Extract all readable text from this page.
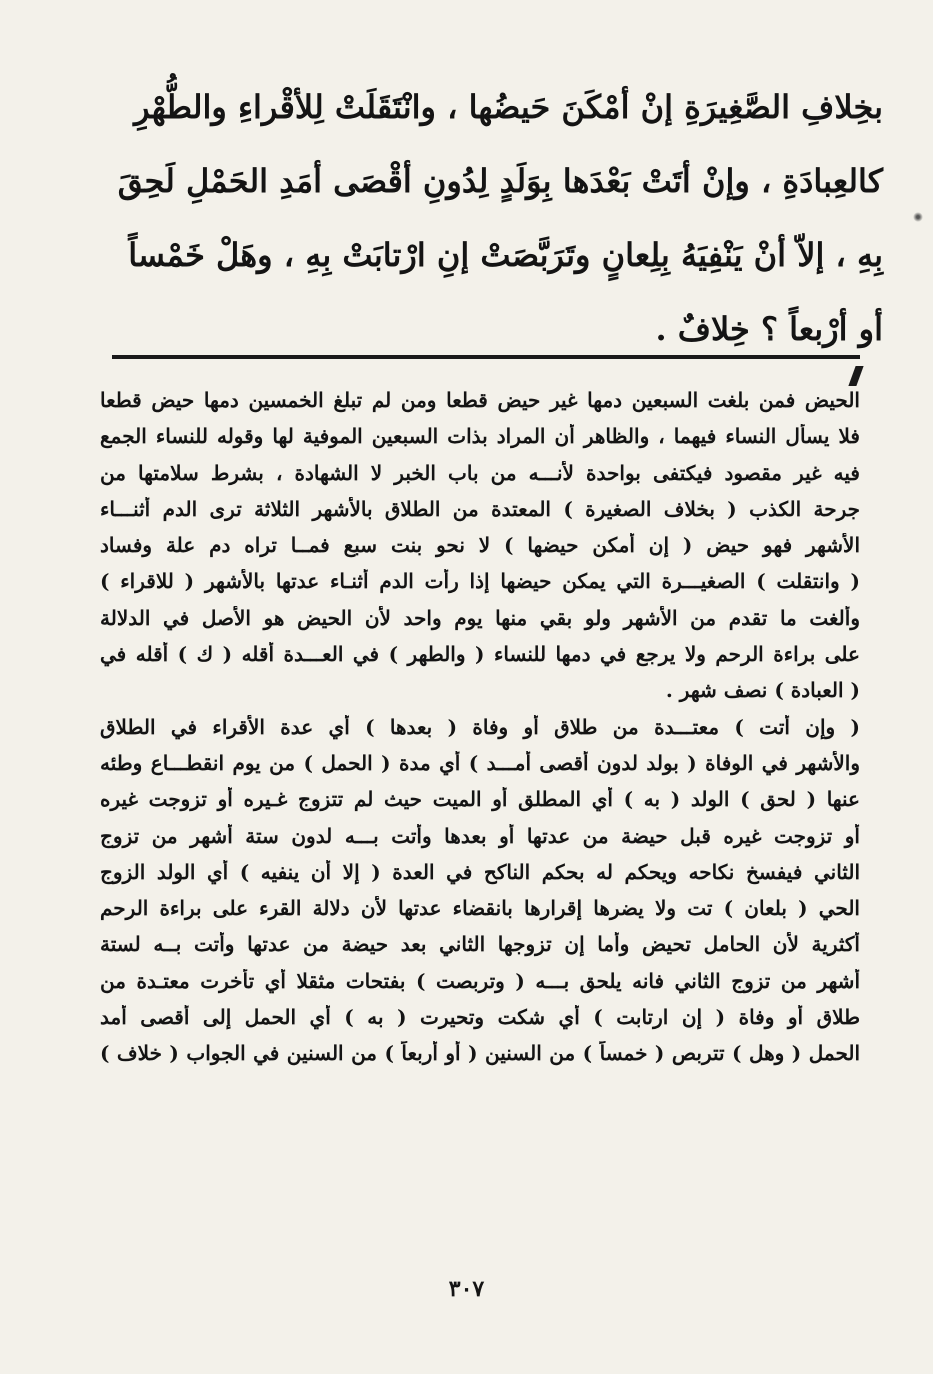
بخِلافِ الصَّغِيرَةِ إنْ أمْكَنَ حَيضُها ، وانْتَقَلَتْ لِلأقْراءِ والطُّهْرِ
كالعِبادَةِ ، وإنْ أتَتْ بَعْدَها بِوَلَدٍ لِدُونِ أقْصَى أمَدِ الحَمْلِ لَحِقَ
بِهِ ، إلاّ أنْ يَنْفِيَهُ بِلِعانٍ وتَرَبَّصَتْ إنِ ارْتابَتْ بِهِ ، وهَلْ خَمْساً
أو أرْبعاً ؟ خِلافٌ .
الحيض فمن بلغت السبعين دمها غير حيض قطعا ومن لم تبلغ الخمسين دمها حيض قطعا
فلا يسأل النساء فيهما ، والظاهر أن المراد بذات السبعين الموفية لها وقوله للنساء الجمع
فيه غير مقصود فيكتفى بواحدة لأنـــه من باب الخبر لا الشهادة ، بشرط سلامتها من
جرحة الكذب ( بخلاف الصغيرة ) المعتدة من الطلاق بالأشهر الثلاثة ترى الدم أثنـــاء
الأشهر فهو حيض ( إن أمكن حيضها ) لا نحو بنت سبع فمــا تراه دم علة وفساد
( وانتقلت ) الصغيـــرة التي يمكن حيضها إذا رأت الدم أثنـاء عدتها بالأشهر ( للاقراء )
وألغت ما تقدم من الأشهر ولو بقي منها يوم واحد لأن الحيض هو الأصل في الدلالة
على براءة الرحم ولا يرجع في دمها للنساء ( والطهر ) في العـــدة أقله ( ك ) أقله في
( العبادة ) نصف شهر .
( وإن أتت ) معتـــدة من طلاق أو وفاة ( بعدها ) أي عدة الأقراء في الطلاق
والأشهر في الوفاة ( بولد لدون أقصى أمـــد ) أي مدة ( الحمل ) من يوم انقطـــاع وطئه
عنها ( لحق ) الولد ( به ) أي المطلق أو الميت حيث لم تتزوج غـيره أو تزوجت غيره
أو تزوجت غيره قبل حيضة من عدتها أو بعدها وأتت بـــه لدون ستة أشهر من تزوج
الثاني فيفسخ نكاحه ويحكم له بحكم الناكح في العدة ( إلا أن ينفيه ) أي الولد الزوج
الحي ( بلعان ) تت ولا يضرها إقرارها بانقضاء عدتها لأن دلالة القرء على براءة الرحم
أكثرية لأن الحامل تحيض وأما إن تزوجها الثاني بعد حيضة من عدتها وأتت بــه لستة
أشهر من تزوج الثاني فانه يلحق بـــه ( وتربصت ) بفتحات مثقلا أي تأخرت معتـدة من
طلاق أو وفاة ( إن ارتابت ) أي شكت وتحيرت ( به ) أي الحمل إلى أقصى أمد
الحمل ( وهل ) تتربص ( خمساً ) من السنين ( أو أربعاً ) من السنين في الجواب ( خلاف )
٣٠٧
